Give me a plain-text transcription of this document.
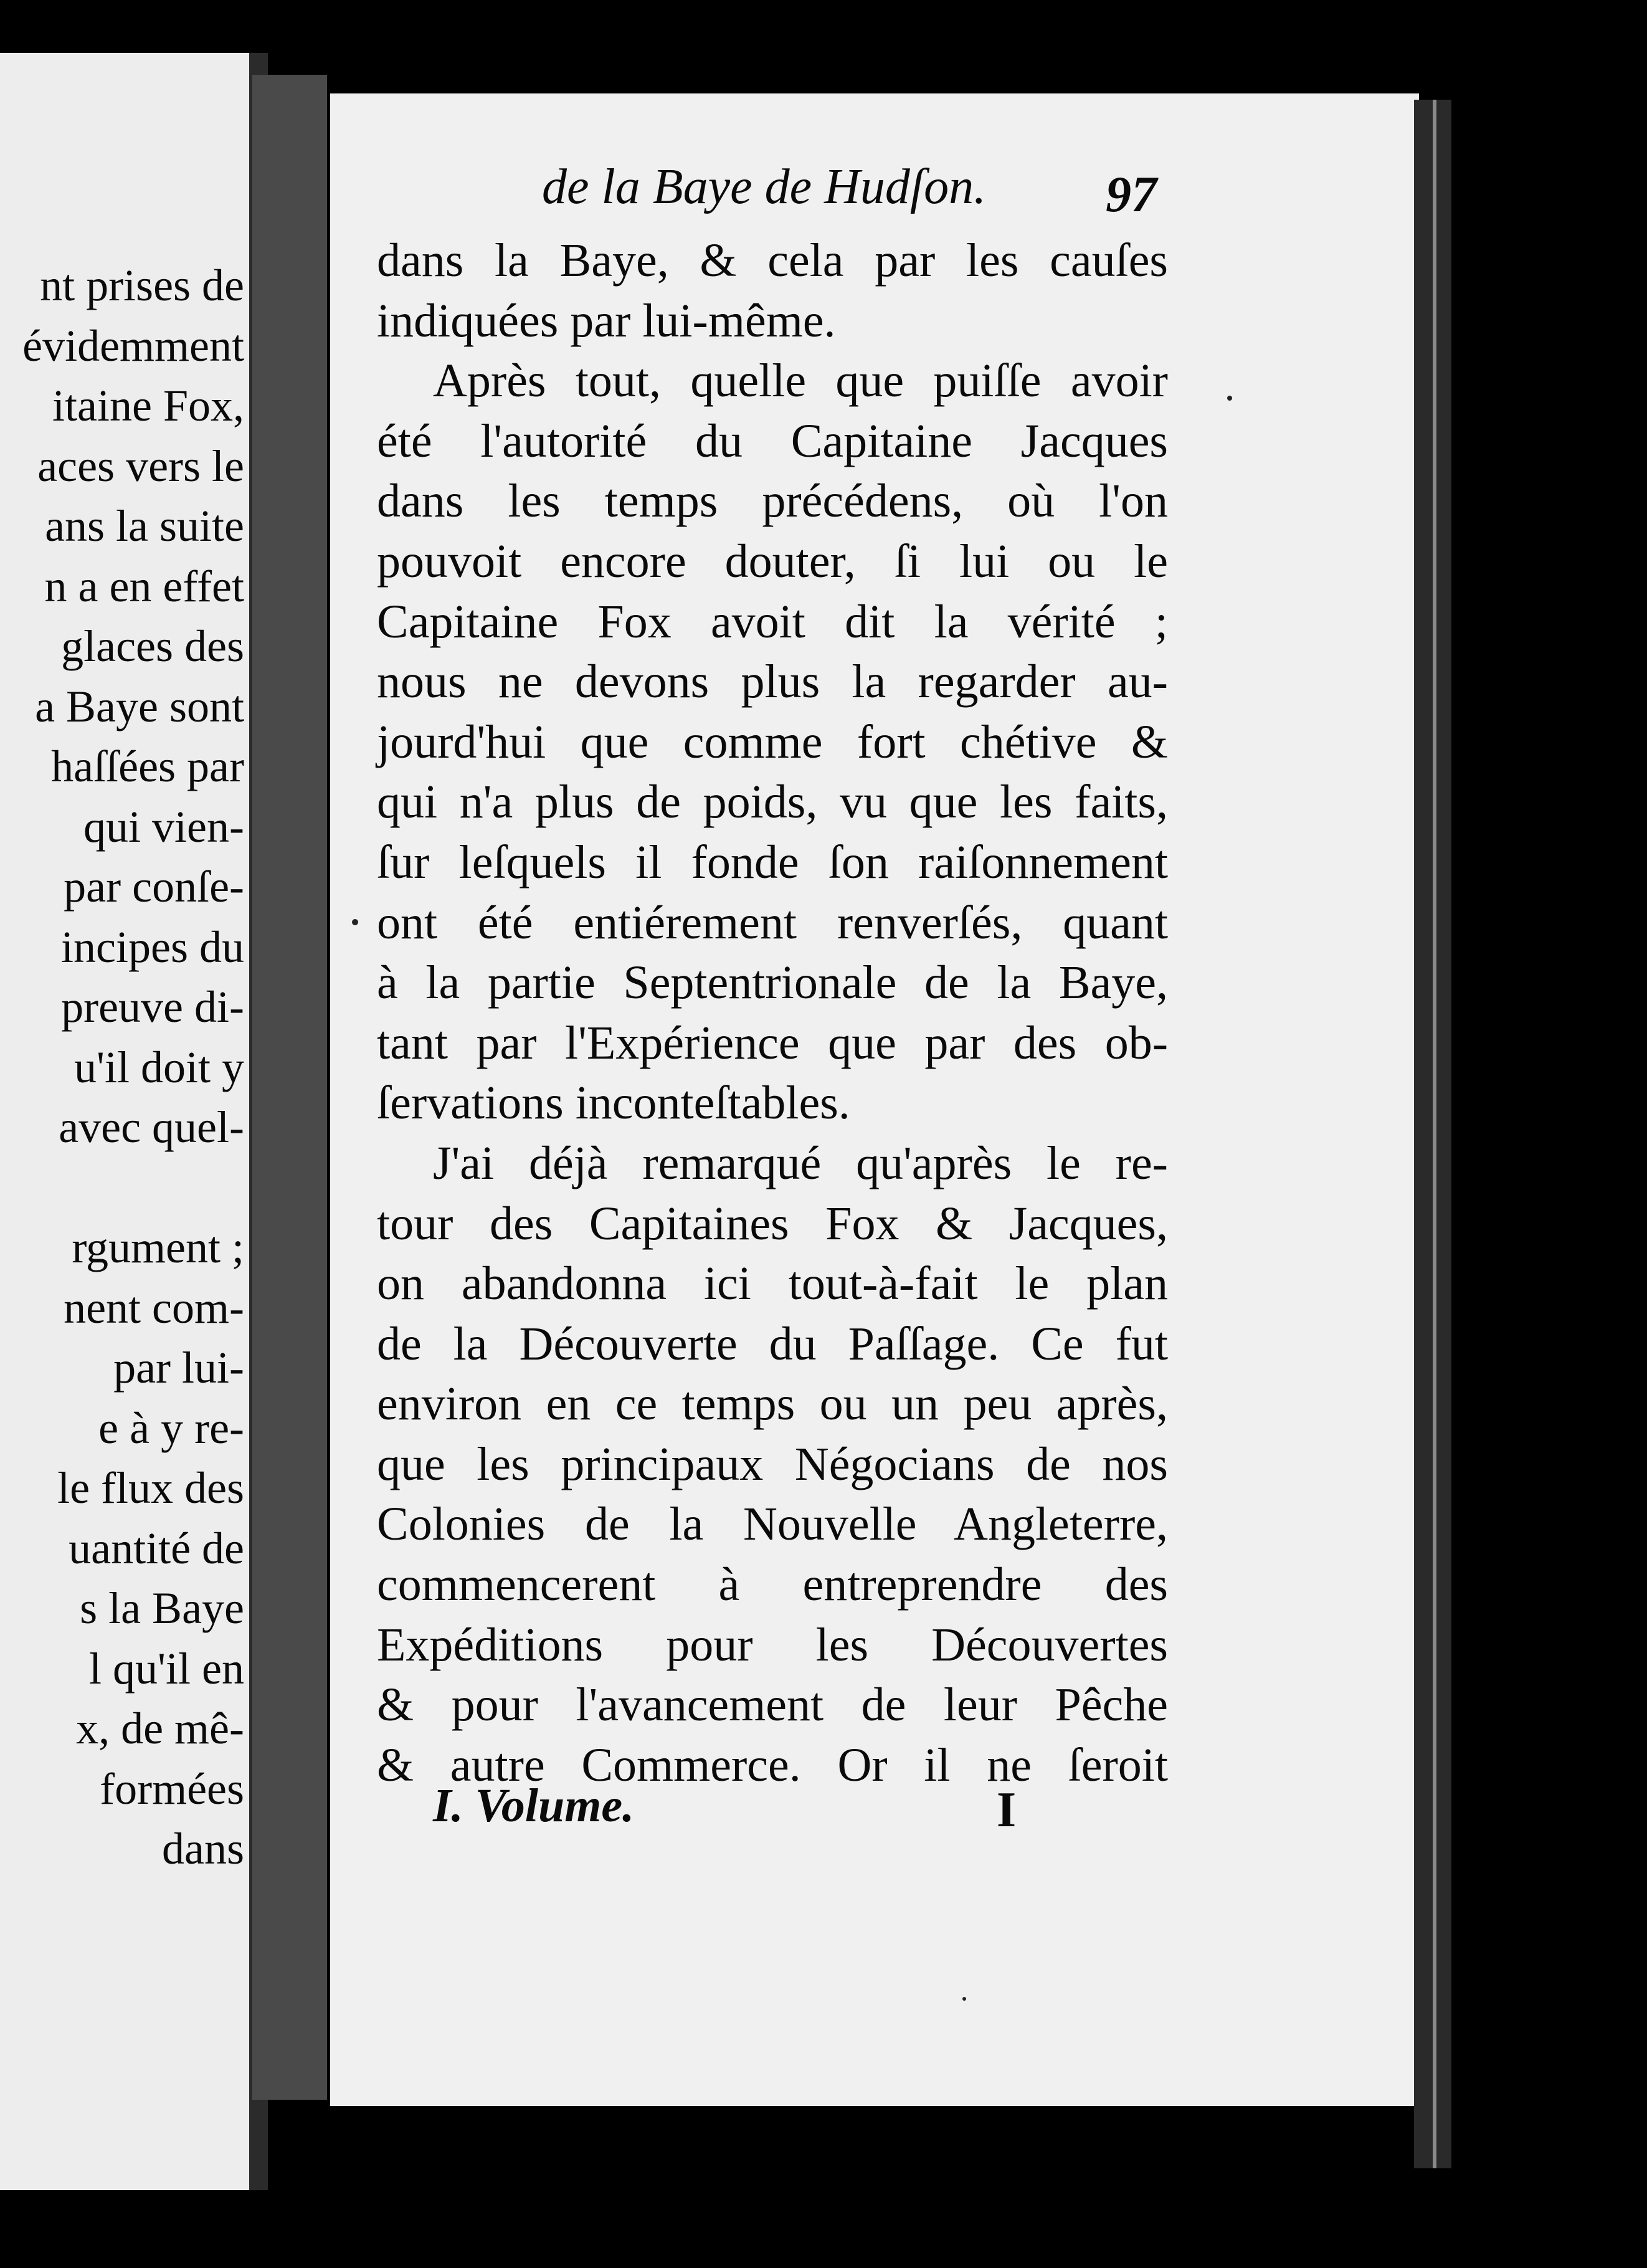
nt prises de
évidemment
itaine Fox,
aces vers le
ans la suite
n a en effet
glaces des
a Baye sont
haſſées par
qui vien-
par conſe-
incipes du
preuve di-
u'il doit y
avec quel-

rgument ;
nent com-
par lui-
e à y re-
le flux des
uantité de
s la Baye
l qu'il en
x, de mê-
formées
dans
de la Baye de Hudſon. 97
dans la Baye, & cela par les cauſes
indiquées par lui-même.
Après tout, quelle que puiſſe avoir
été l'autorité du Capitaine Jacques
dans les temps précédens, où l'on
pouvoit encore douter, ſi lui ou le
Capitaine Fox avoit dit la vérité ;
nous ne devons plus la regarder au-
jourd'hui que comme fort chétive &
qui n'a plus de poids, vu que les faits,
ſur leſquels il fonde ſon raiſonnement
ont été entiérement renverſés, quant
à la partie Septentrionale de la Baye,
tant par l'Expérience que par des ob-
ſervations inconteſtables.
J'ai déjà remarqué qu'après le re-
tour des Capitaines Fox & Jacques,
on abandonna ici tout-à-fait le plan
de la Découverte du Paſſage. Ce fut
environ en ce temps ou un peu après,
que les principaux Négocians de nos
Colonies de la Nouvelle Angleterre,
commencerent à entreprendre des
Expéditions pour les Découvertes
& pour l'avancement de leur Pêche
& autre Commerce. Or il ne ſeroit
I. Volume.	I
